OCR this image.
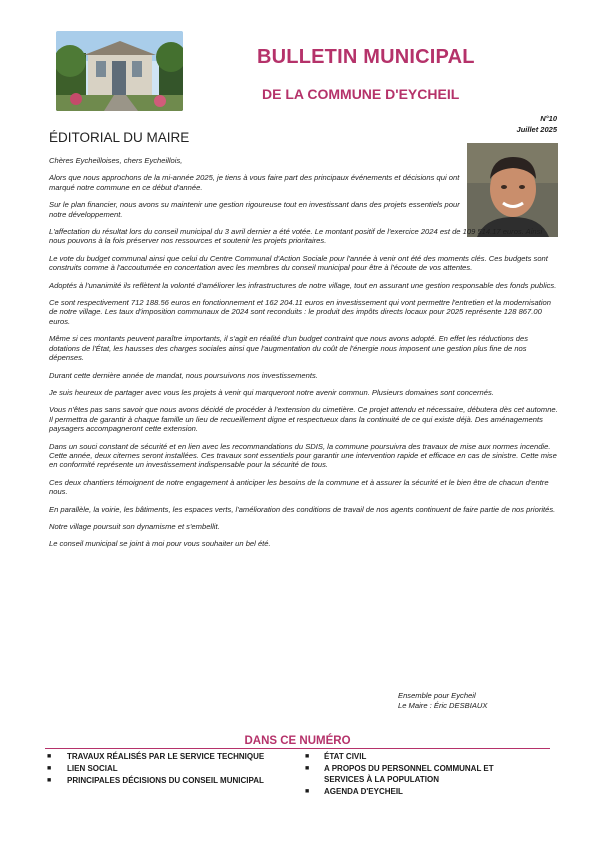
BULLETIN MUNICIPAL
DE LA COMMUNE D'EYCHEIL
N°10
Juillet 2025
ÉDITORIAL DU MAIRE

Chères Eycheilloises, chers Eycheillois,

Alors que nous approchons de la mi-année 2025, je tiens à vous faire part des principaux événements et décisions qui ont marqué notre commune en ce début d'année.

Sur le plan financier, nous avons su maintenir une gestion rigoureuse tout en investissant dans des projets essentiels pour notre développement.

L'affectation du résultat lors du conseil municipal du 3 avril dernier a été votée. Le montant positif de l'exercice 2024 est de 109 514.17 euros. Ainsi nous pouvons à la fois préserver nos ressources et soutenir les projets prioritaires.

Le vote du budget communal ainsi que celui du Centre Communal d'Action Sociale pour l'année à venir ont été des moments clés. Ces budgets sont construits comme à l'accoutumée en concertation avec les membres du conseil municipal pour être à l'écoute de vos attentes.

Adoptés à l'unanimité ils reflètent la volonté d'améliorer les infrastructures de notre village, tout en assurant une gestion responsable des fonds publics.

Ce sont respectivement 712 188.56 euros en fonctionnement et 162 204.11 euros en investissement qui vont permettre l'entretien et la modernisation de notre village. Les taux d'imposition communaux de 2024 sont reconduits : le produit des impôts directs locaux pour 2025 représente 128 867.00 euros.

Même si ces montants peuvent paraître importants, il s'agit en réalité d'un budget contraint que nous avons adopté. En effet les réductions des dotations de l'État, les hausses des charges sociales ainsi que l'augmentation du coût de l'énergie nous imposent une gestion plus fine de nos dépenses.

Durant cette dernière année de mandat, nous poursuivons nos investissements.

Je suis heureux de partager avec vous les projets à venir qui marqueront notre avenir commun. Plusieurs domaines sont concernés.

Vous n'êtes pas sans savoir que nous avons décidé de procéder à l'extension du cimetière. Ce projet attendu et nécessaire, débutera dès cet automne. Il permettra de garantir à chaque famille un lieu de recueillement digne et respectueux dans la continuité de ce qui existe déjà. Des aménagements paysagers accompagneront cette extension.

Dans un souci constant de sécurité et en lien avec les recommandations du SDIS, la commune poursuivra des travaux de mise aux normes incendie. Cette année, deux citernes seront installées. Ces travaux sont essentiels pour garantir une intervention rapide et efficace en cas de sinistre. Cette mise en conformité représente un investissement indispensable pour la sécurité de tous.

Ces deux chantiers témoignent de notre engagement à anticiper les besoins de la commune et à assurer la sécurité et le bien être de chacun d'entre nous.

En parallèle, la voirie, les bâtiments, les espaces verts, l'amélioration des conditions de travail de nos agents continuent de faire partie de nos priorités.

Notre village poursuit son dynamisme et s'embellit.

Le conseil municipal se joint à moi pour vous souhaiter un bel été.

Ensemble pour Eycheil
Le Maire : Éric DESBIAUX
DANS CE NUMÉRO
■ TRAVAUX RÉALISÉS PAR LE SERVICE TECHNIQUE
■ LIEN SOCIAL
■ PRINCIPALES DÉCISIONS DU CONSEIL MUNICIPAL
■ ÉTAT CIVIL
■ A PROPOS DU PERSONNEL COMMUNAL ET SERVICES À LA POPULATION
■ AGENDA D'EYCHEIL
